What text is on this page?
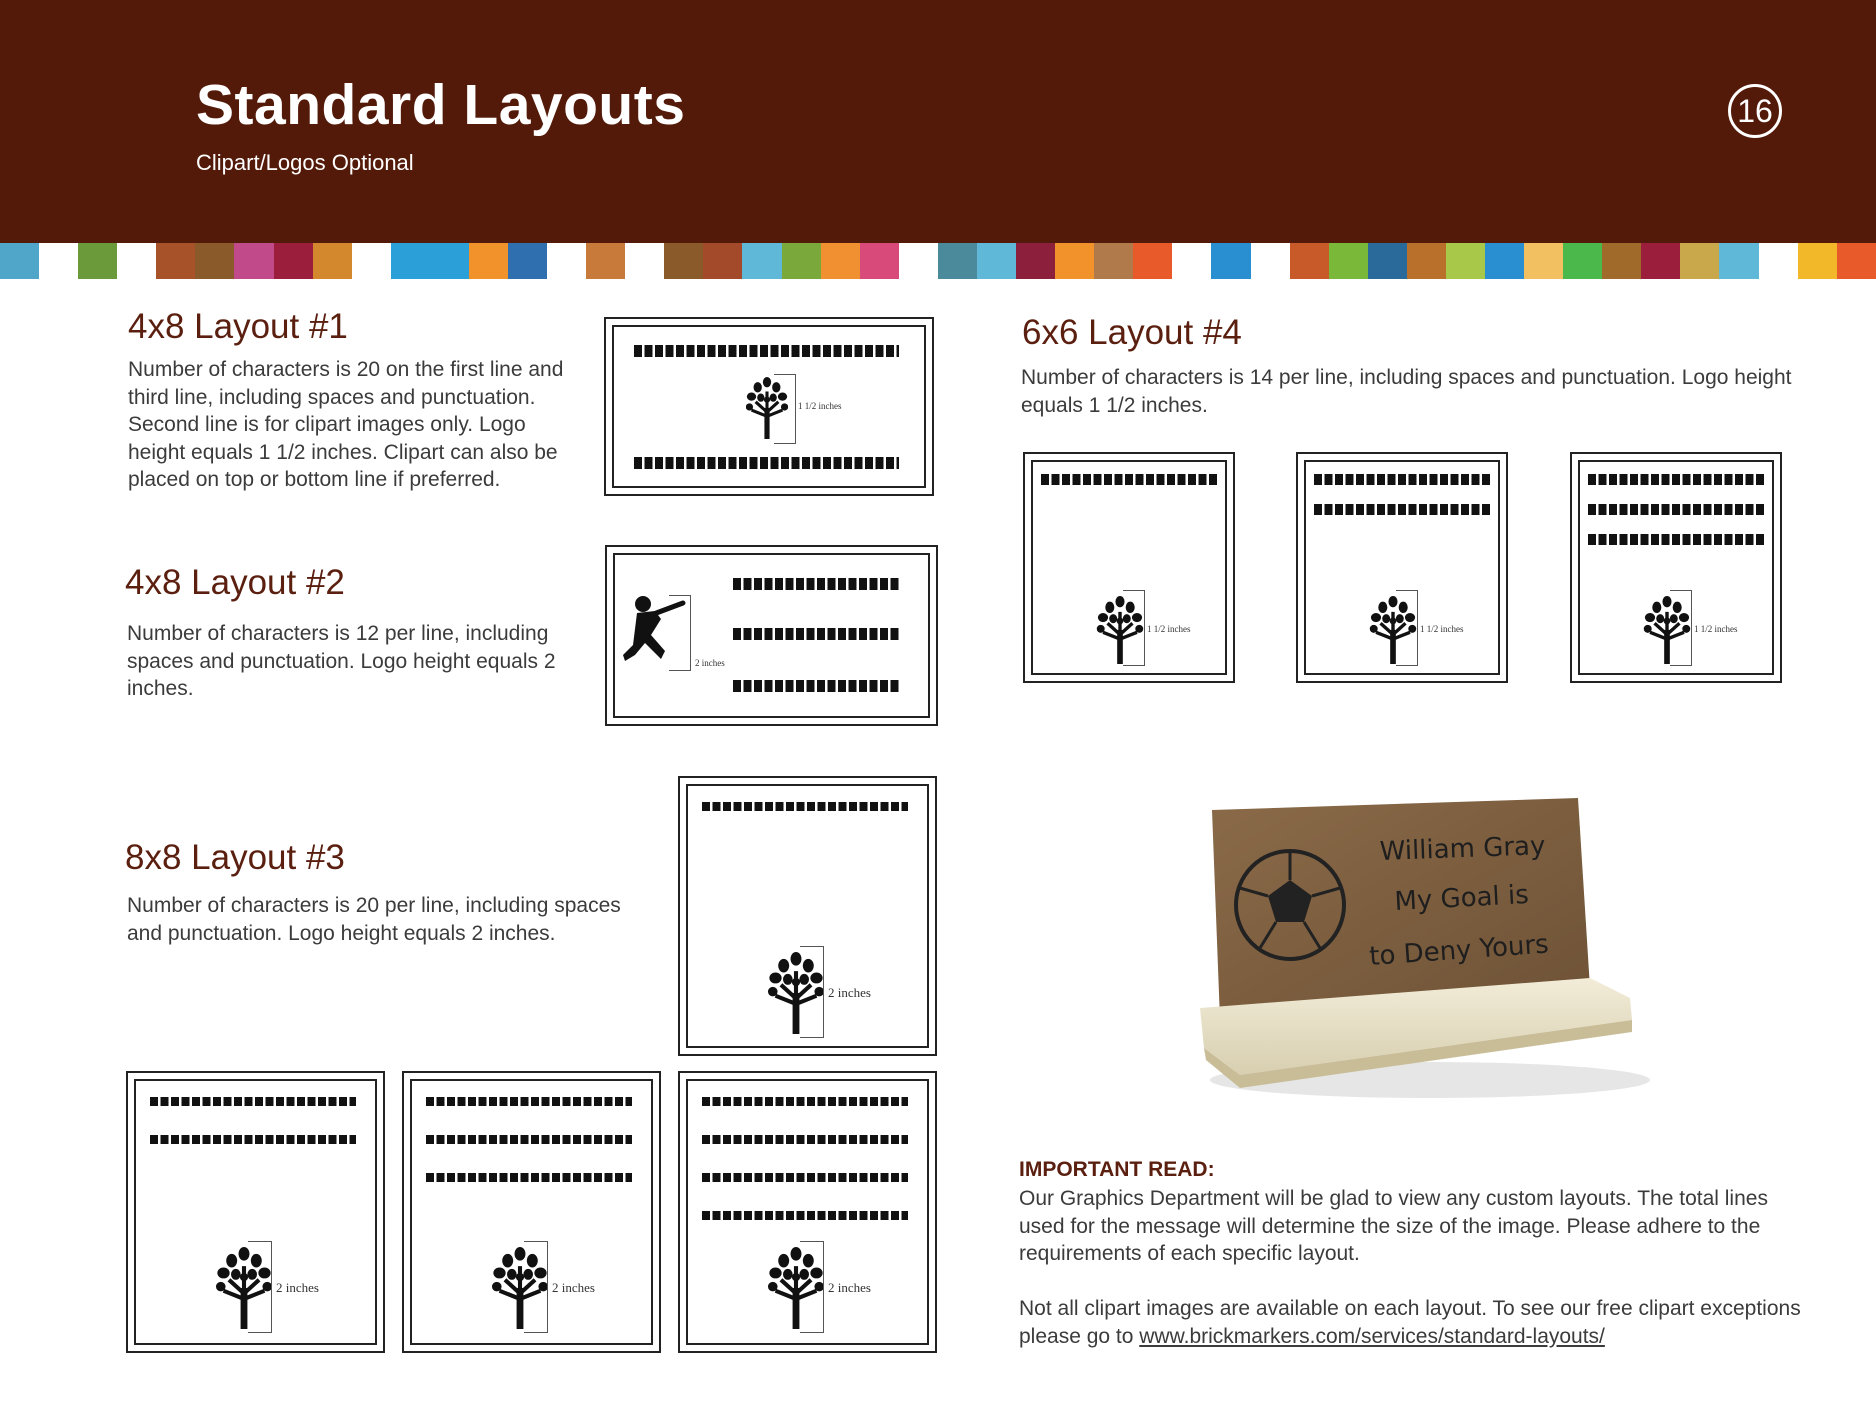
Standard Layouts
Clipart/Logos Optional
16
4x8 Layout #1
Number of characters is 20 on the first line and third line, including spaces and punctuation. Second line is for clipart images only. Logo height equals 1 1/2 inches. Clipart can also be placed on top or bottom line if preferred.
1 1/2 inches
4x8 Layout #2
Number of characters is 12 per line, including spaces and punctuation. Logo height equals 2 inches.
2 inches
8x8 Layout #3
Number of characters is 20 per line, including spaces and punctuation. Logo height equals 2 inches.
2 inches
2 inches	2 inches	2 inches
6x6 Layout #4
Number of characters is 14 per line, including spaces and punctuation. Logo height equals 1 1/2 inches.
1 1/2 inches	1 1/2 inches	1 1/2 inches
William Gray
My Goal is
to Deny Yours
IMPORTANT READ:
Our Graphics Department will be glad to view any custom layouts. The total lines used for the message will determine the size of the image. Please adhere to the requirements of each specific layout.
Not all clipart images are available on each layout. To see our free clipart exceptions please go to www.brickmarkers.com/services/standard-layouts/
